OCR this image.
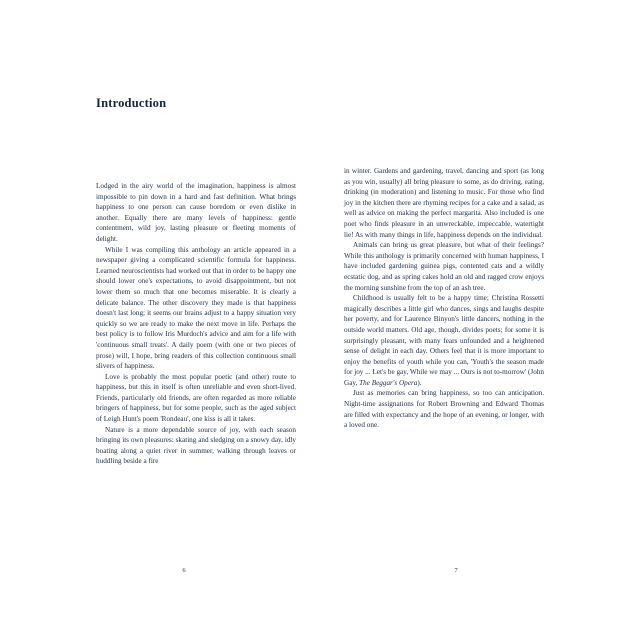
Introduction

Lodged in the airy world of the imagination, happiness is almost impossible to pin down in a hard and fast definition. What brings happiness to one person can cause boredom or even dislike in another. Equally there are many levels of happiness: gentle contentment, wild joy, lasting pleasure or fleeting moments of delight.

While I was compiling this anthology an article appeared in a newspaper giving a complicated scientific formula for happiness. Learned neuroscientists had worked out that in order to be happy one should lower one's expectations, to avoid disappointment, but not lower them so much that one becomes miserable. It is clearly a delicate balance. The other discovery they made is that happiness doesn't last long; it seems our brains adjust to a happy situation very quickly so we are ready to make the next move in life. Perhaps the best policy is to follow Iris Murdoch's advice and aim for a life with 'continuous small treats'. A daily poem (with one or two pieces of prose) will, I hope, bring readers of this collection continuous small slivers of happiness.

Love is probably the most popular poetic (and other) route to happiness, but this in itself is often unreliable and even short-lived. Friends, particularly old friends, are often regarded as more reliable bringers of happiness, but for some people, such as the aged subject of Leigh Hunt's poem 'Rondeau', one kiss is all it takes.

Nature is a more dependable source of joy, with each season bringing its own pleasures: skating and sledging on a snowy day, idly boating along a quiet river in summer, walking through leaves or huddling beside a fire

6

in winter. Gardens and gardening, travel, dancing and sport (as long as you win, usually) all bring pleasure to some, as do driving, eating, drinking (in moderation) and listening to music. For those who find joy in the kitchen there are rhyming recipes for a cake and a salad, as well as advice on making the perfect margarita. Also included is one poet who finds pleasure in an unwreckable, impeccable, watertight lie! As with many things in life, happiness depends on the individual.

Animals can bring us great pleasure, but what of their feelings? While this anthology is primarily concerned with human happiness, I have included gardening guinea pigs, contented cats and a wildly ecstatic dog, and as spring cakes hold an old and ragged crow enjoys the morning sunshine from the top of an ash tree.

Childhood is usually felt to be a happy time; Christina Rossetti magically describes a little girl who dances, sings and laughs despite her poverty, and for Laurence Binyon's little dancers, nothing in the outside world matters. Old age, though, divides poets; for some it is surprisingly pleasant, with many fears unfounded and a heightened sense of delight in each day. Others feel that it is more important to enjoy the benefits of youth while you can, 'Youth's the season made for joy ... Let's be gay, While we may ... Ours is not to-morrow' (John Gay, The Beggar's Opera).

Just as memories can bring happiness, so too can anticipation. Night-time assignations for Robert Browning and Edward Thomas are filled with expectancy and the hope of an evening, or longer, with a loved one.

7
